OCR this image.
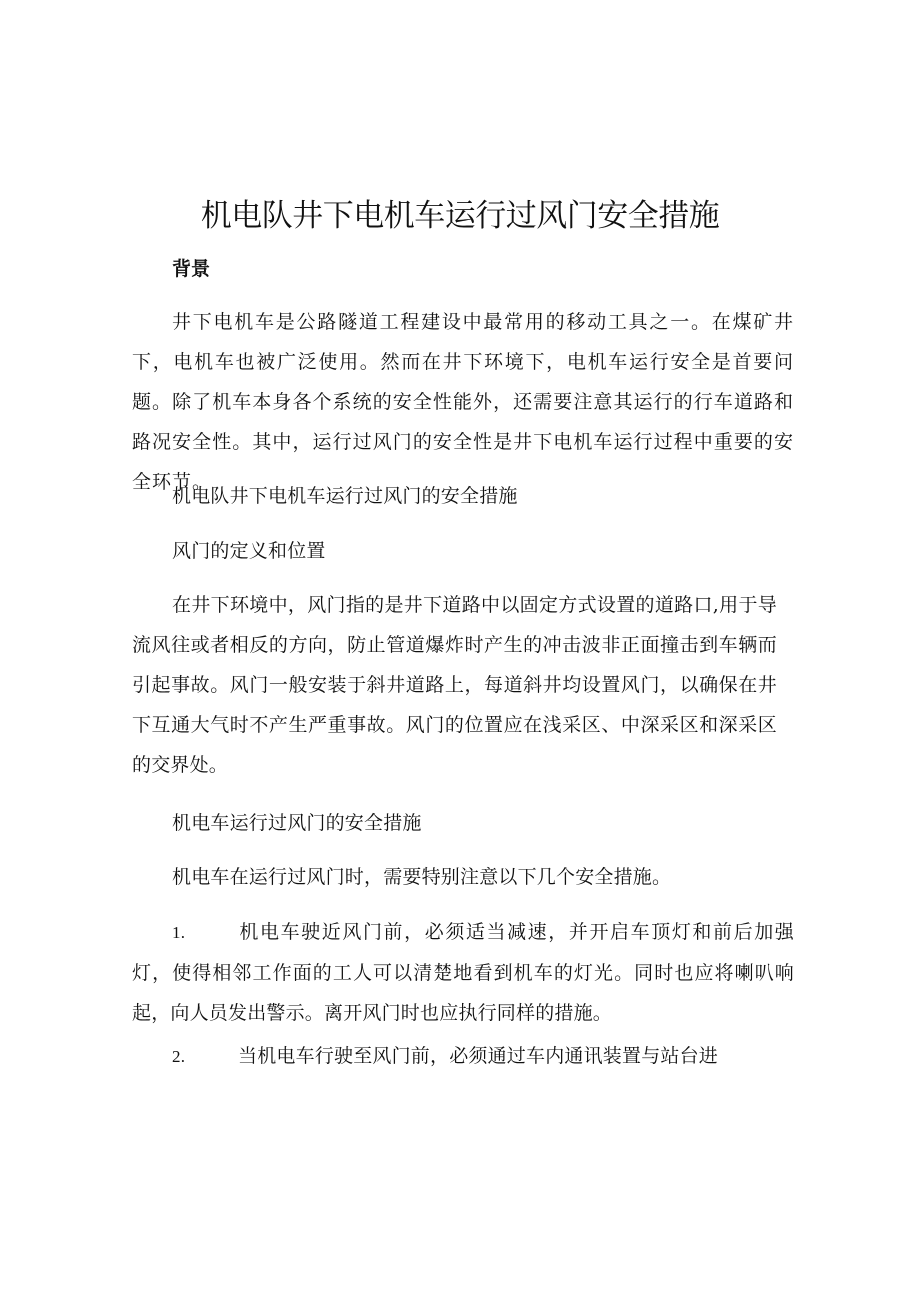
机电队井下电机车运行过风门安全措施
背景
井下电机车是公路隧道工程建设中最常用的移动工具之一。在煤矿井下，电机车也被广泛使用。然而在井下环境下，电机车运行安全是首要问题。除了机车本身各个系统的安全性能外，还需要注意其运行的行车道路和路况安全性。其中，运行过风门的安全性是井下电机车运行过程中重要的安全环节。
机电队井下电机车运行过风门的安全措施
风门的定义和位置
在井下环境中，风门指的是井下道路中以固定方式设置的道路口,用于导流风往或者相反的方向，防止管道爆炸时产生的冲击波非正面撞击到车辆而引起事故。风门一般安装于斜井道路上，每道斜井均设置风门，以确保在井下互通大气时不产生严重事故。风门的位置应在浅采区、中深采区和深采区的交界处。
机电车运行过风门的安全措施
机电车在运行过风门时，需要特别注意以下几个安全措施。
1.	机电车驶近风门前，必须适当减速，并开启车顶灯和前后加强灯，使得相邻工作面的工人可以清楚地看到机车的灯光。同时也应将喇叭响起，向人员发出警示。离开风门时也应执行同样的措施。
2.	当机电车行驶至风门前，必须通过车内通讯装置与站台进
